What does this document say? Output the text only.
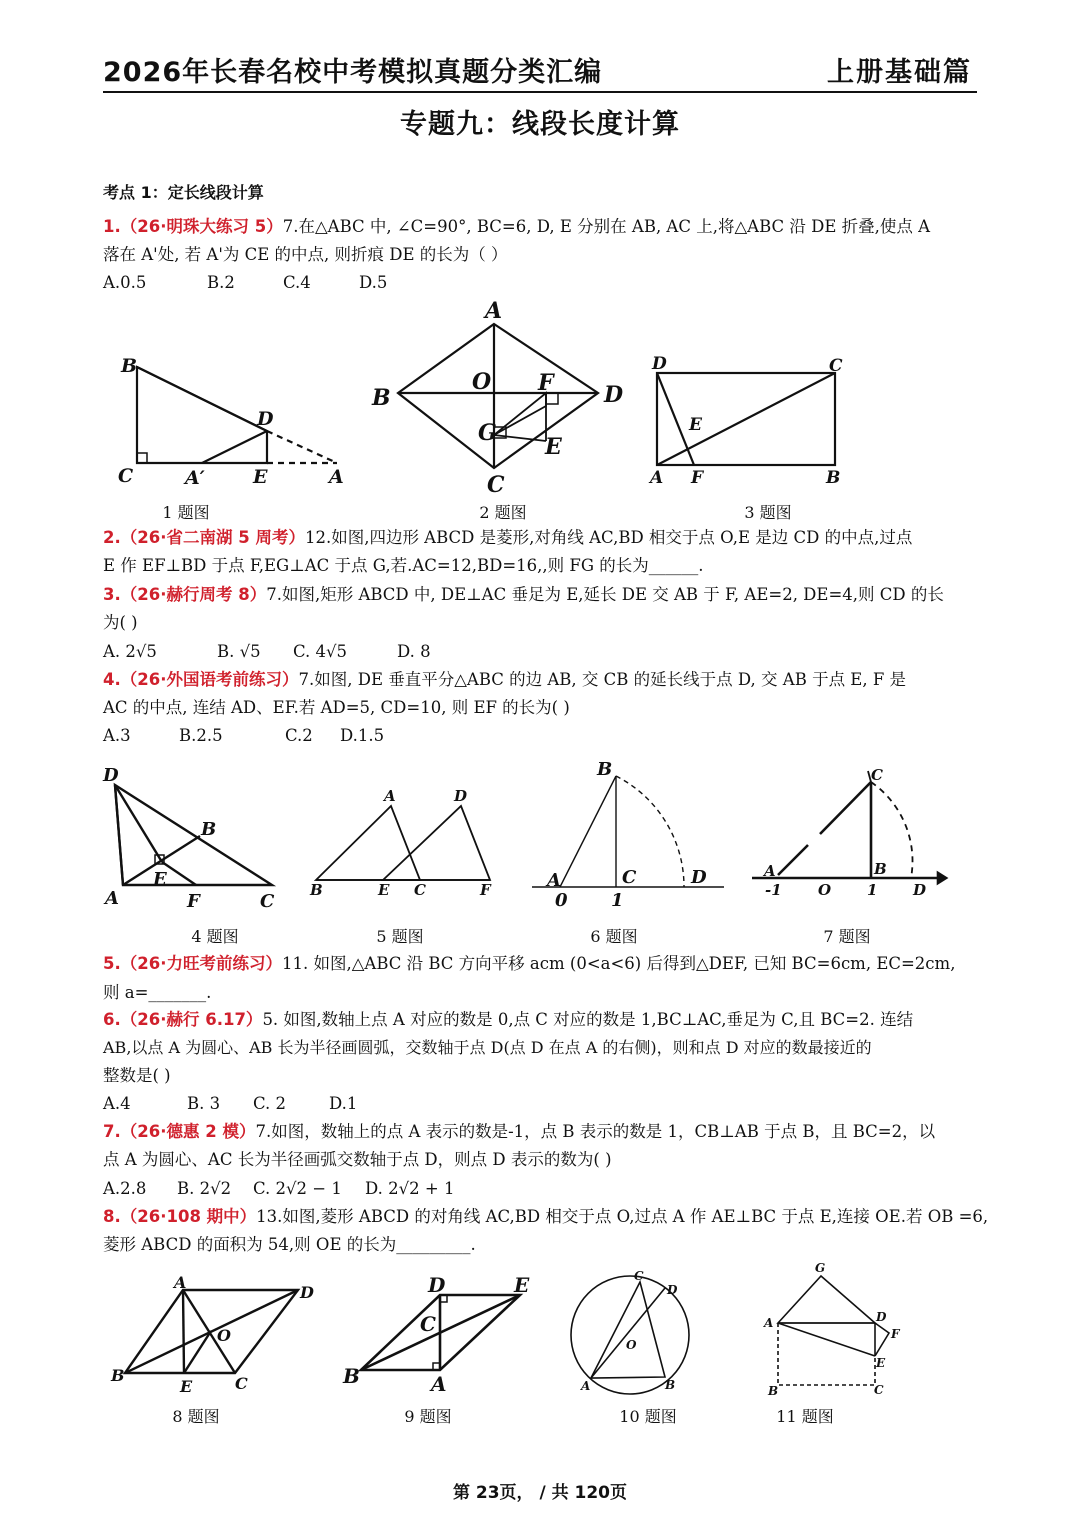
2026年长春名校中考模拟真题分类汇编	上册基础篇
专题九：线段长度计算
考点 1：定长线段计算
1.（26·明珠大练习 5）7.在△ABC 中, ∠C=90°, BC=6, D, E 分别在 AB, AC 上,将△ABC 沿 DE 折叠,使点 A
落在 A'处, 若 A'为 CE 的中点, 则折痕 DE 的长为（ ）
A.0.5	B.2	C.4	D.5
B
D
C	A′	E	A
A
B	D
C
O F
G
E
D	C
A F	B
E
1 题图	2 题图	3 题图
2.（26·省二南湖 5 周考）12.如图,四边形 ABCD 是菱形,对角线 AC,BD 相交于点 O,E 是边 CD 的中点,过点
E 作 EF⊥BD 于点 F,EG⊥AC 于点 G,若.AC=12,BD=16,,则 FG 的长为______.
3.（26·赫行周考 8）7.如图,矩形 ABCD 中, DE⊥AC 垂足为 E,延长 DE 交 AB 于 F, AE=2, DE=4,则 CD 的长
为( )
A. 2√5	B. √5 C. 4√5	D. 8
4.（26·外国语考前练习）7.如图, DE 垂直平分△ABC 的边 AB, 交 CB 的延长线于点 D, 交 AB 于点 E, F 是
AC 的中点, 连结 AD、EF.若 AD=5, CD=10, 则 EF 的长为( )
A.3	B.2.5	C.2 D.1.5
D
B
A
E
F	C
A	D
B	E C	F
B
C	D
A
0 1
A
C
B
-1 O 1 D
4 题图	5 题图	6 题图	7 题图
5.（26·力旺考前练习）11. 如图,△ABC 沿 BC 方向平移 acm (0<a<6) 后得到△DEF, 已知 BC=6cm, EC=2cm,
则 a=_______.
6.（26·赫行 6.17）5. 如图,数轴上点 A 对应的数是 0,点 C 对应的数是 1,BC⊥AC,垂足为 C,且 BC=2. 连结
AB,以点 A 为圆心、AB 长为半径画圆弧，交数轴于点 D(点 D 在点 A 的右侧)，则和点 D 对应的数最接近的
整数是( )
A.4	B. 3 C. 2	D.1
7.（26·德惠 2 模）7.如图，数轴上的点 A 表示的数是-1，点 B 表示的数是 1，CB⊥AB 于点 B，且 BC=2，以
点 A 为圆心、AC 长为半径画弧交数轴于点 D，则点 D 表示的数为( )
A.2.8 B. 2√2 C. 2√2 − 1 D. 2√2 + 1
8.（26·108 期中）13.如图,菱形 ABCD 的对角线 AC,BD 相交于点 O,过点 A 作 AE⊥BC 于点 E,连接 OE.若 OB =6,
菱形 ABCD 的面积为 54,则 OE 的长为_________.
A
D
B	C
E
O
D	E
C
B	A
C
D
A	B
O
G
A	D
F
E
B	C
8 题图	9 题图	10 题图	11 题图
第 23页， / 共 120页
